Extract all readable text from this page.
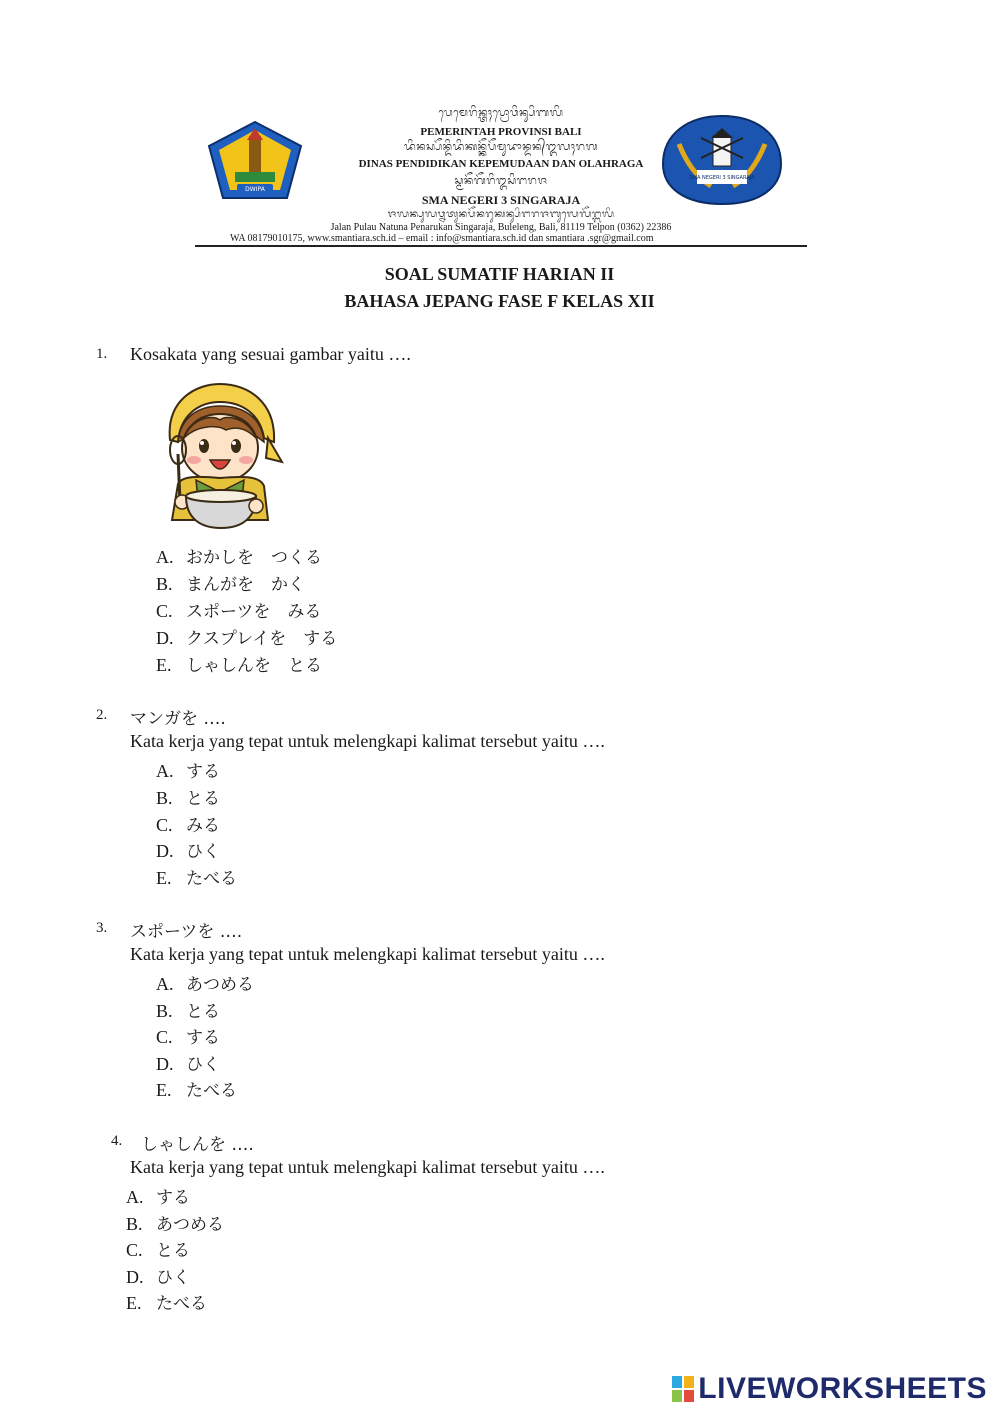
DWIPA
SMA NEGERI 3 SINGARAJA
ᬧᬾᬫᬾᬭᬶᬦ᭄ᬢᬄᬧ᭄ᬭᭀᬯᬶᬦ᭄ᬲᬶᬩᬮᬶ
PEMERINTAH PROVINSI BALI
ᬤᬶᬦᬲ᭄ᬧᭂᬦ᭄ᬤᬶᬤᬶᬓᬦ᭄ᬓᭂᬧᭂᬫᬸᬤᬵᬦ᭄ᬤᬦ᭄ᬑᬮᬄᬭᬕ
DINAS PENDIDIKAN KEPEMUDAAN DAN OLAHRAGA
ᬲ᭄ᬫᬦᭂᬕᭂᬭᬶ᭓ᬲᬶᬗᬭᬚ
SMA NEGERI 3 SINGARAJA
ᬚᬮᬦ᭄ᬧᬸᬮᬯ᭄ᬦᬢᬸᬦᬧᭂᬦᬭᬸᬓᬦ᭄ᬲᬶᬗᬭᬚᬩᬸᬮᬾᬮᭂᬗ᭄ᬩᬮᬶ
Jalan Pulau Natuna Penarukan Singaraja, Buleleng, Bali, 81119 Telpon (0362) 22386
WA 08179010175, www.smantiara.sch.id – email : info@smantiara.sch.id dan smantiara .sgr@gmail.com
SOAL SUMATIF HARIAN II
BAHASA JEPANG FASE F KELAS XII
1. Kosakata yang sesuai gambar yaitu ….
A. おかしを　つくる
B. まんがを　かく
C. スポーツを　みる
D. クスプレイを　する
E. しゃしんを　とる
2. マンガを ….
Kata kerja yang tepat untuk melengkapi kalimat tersebut yaitu ….
A. する
B. とる
C. みる
D. ひく
E. たべる
3. スポーツを ….
Kata kerja yang tepat untuk melengkapi kalimat tersebut yaitu ….
A. あつめる
B. とる
C. する
D. ひく
E. たべる
4. しゃしんを ….
Kata kerja yang tepat untuk melengkapi kalimat tersebut yaitu ….
A. する
B. あつめる
C. とる
D. ひく
E. たべる
LIVEWORKSHEETS
